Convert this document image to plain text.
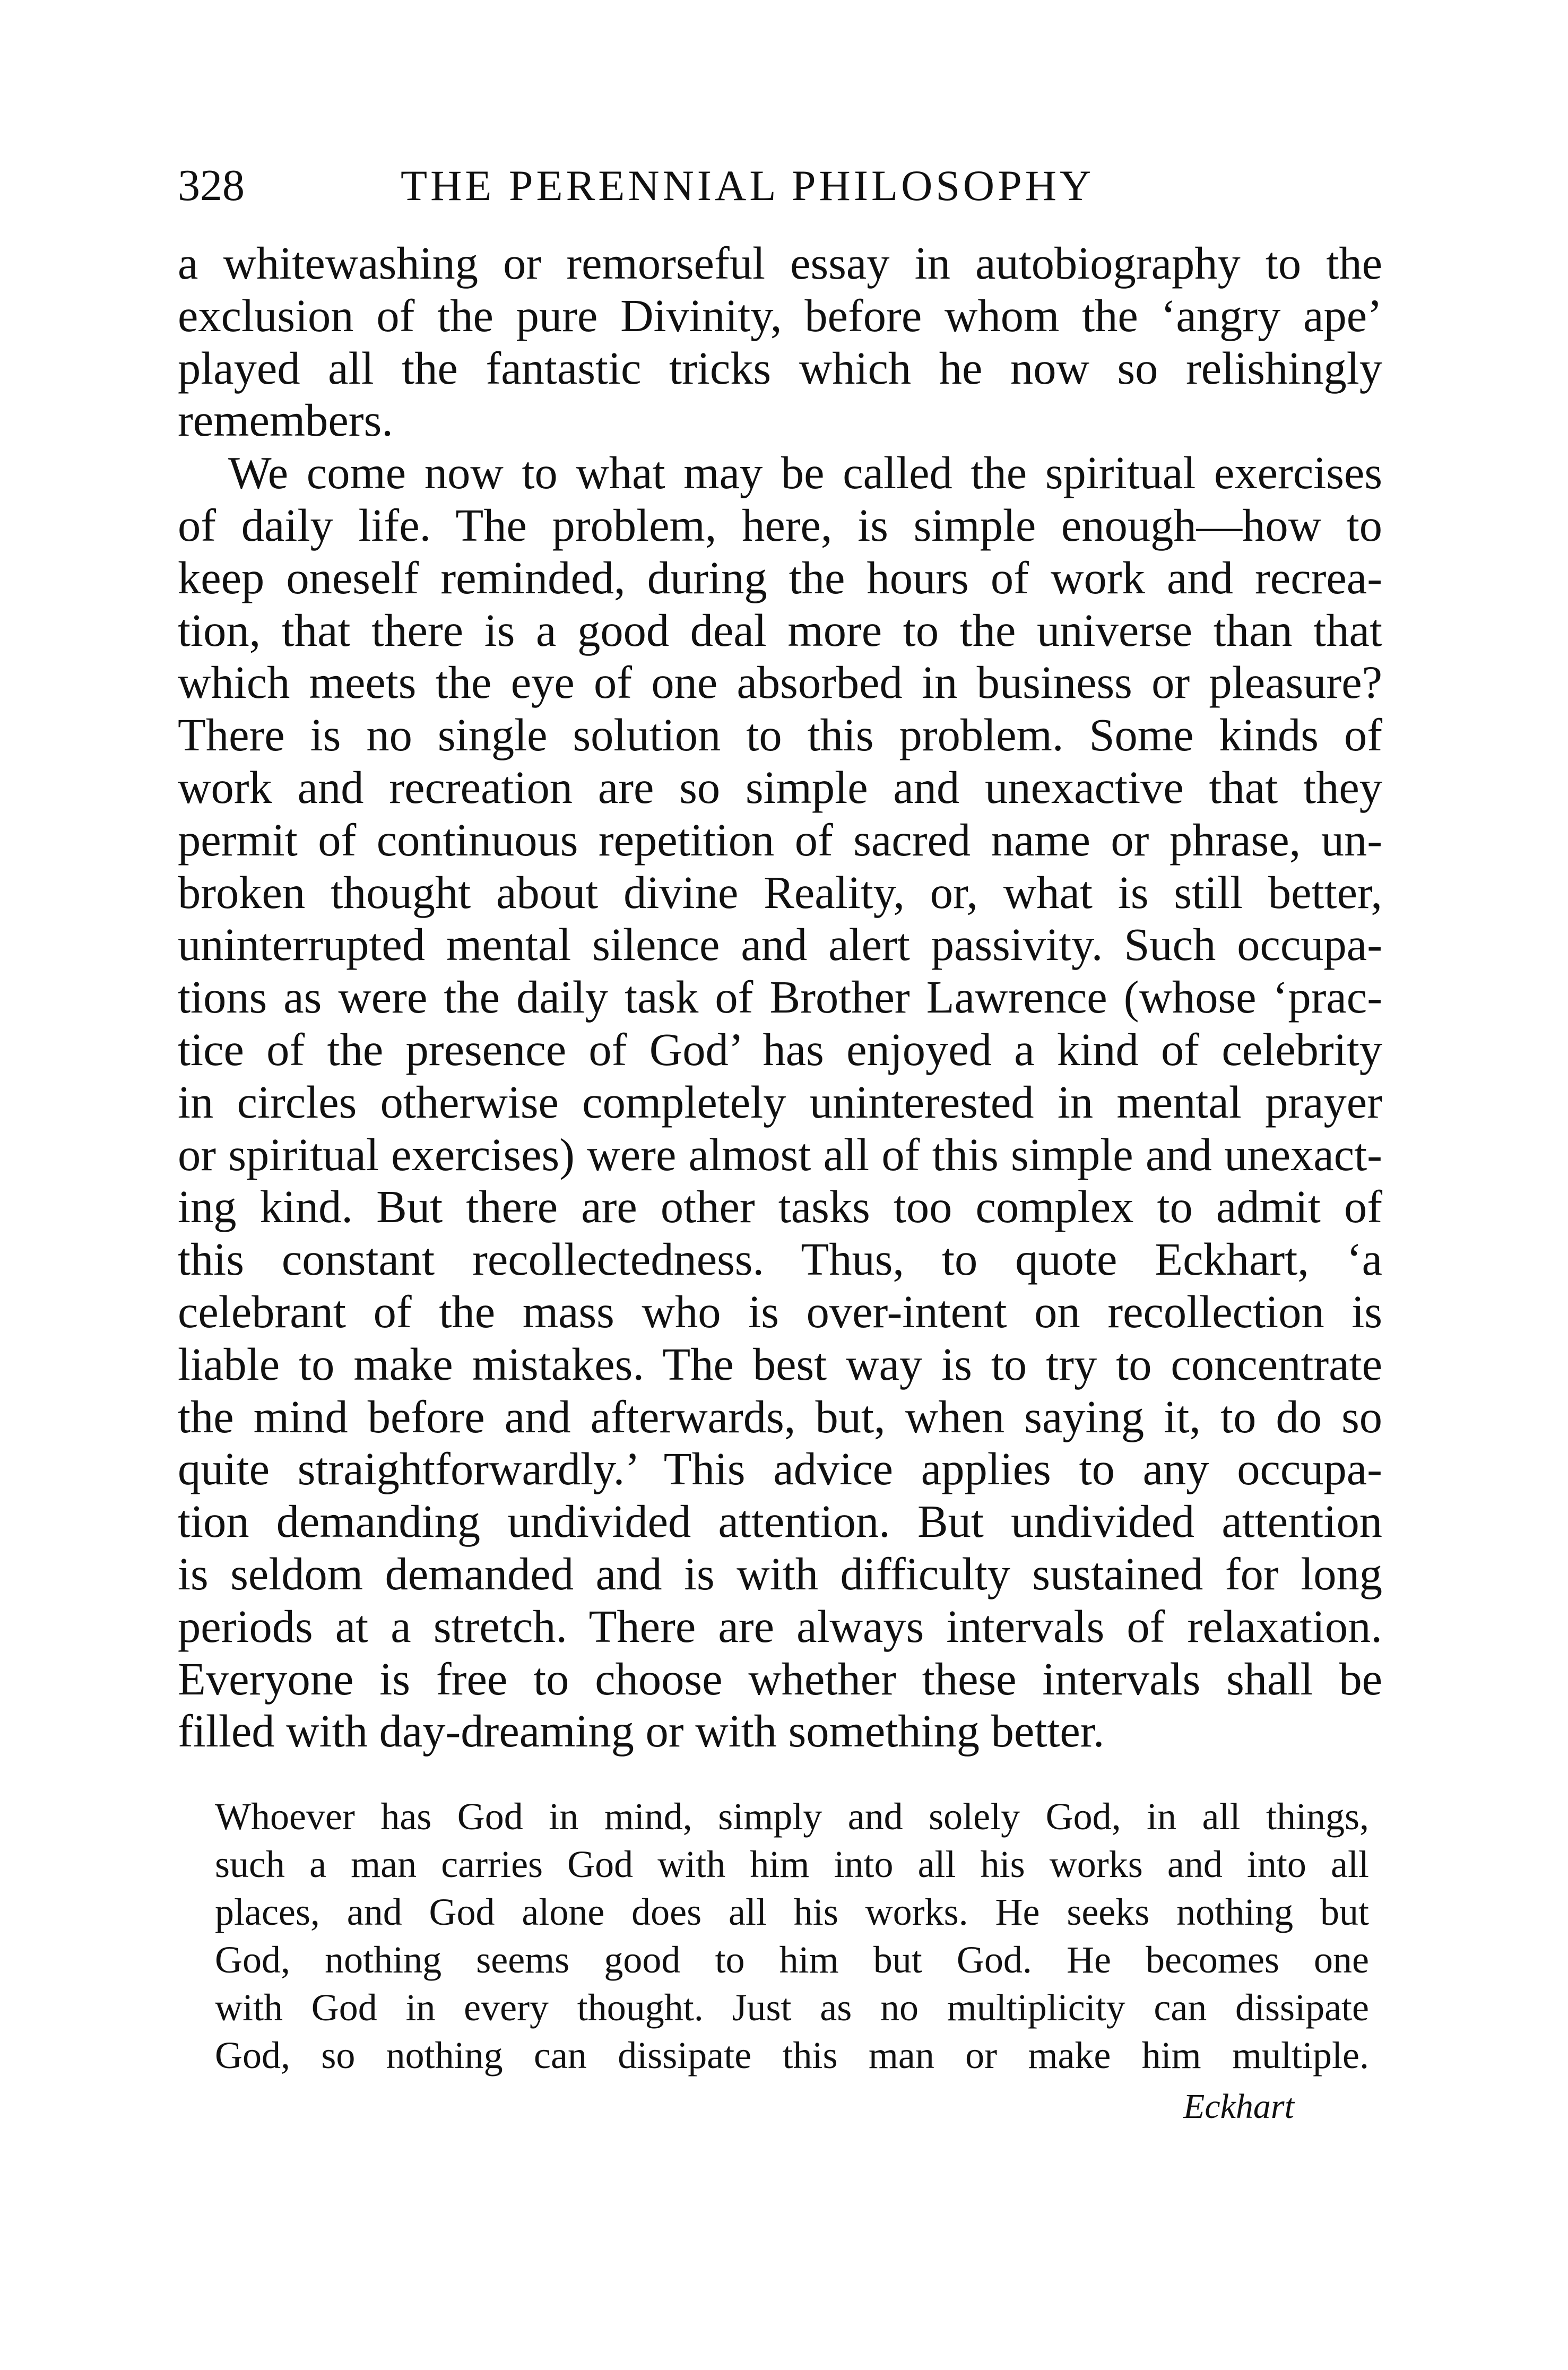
328	THE PERENNIAL PHILOSOPHY
a whitewashing or remorseful essay in autobiography to the
exclusion of the pure Divinity, before whom the ‘angry ape’
played all the fantastic tricks which he now so relishingly
remembers.
We come now to what may be called the spiritual exercises
of daily life. The problem, here, is simple enough—how to
keep oneself reminded, during the hours of work and recrea-
tion, that there is a good deal more to the universe than that
which meets the eye of one absorbed in business or pleasure?
There is no single solution to this problem. Some kinds of
work and recreation are so simple and unexactive that they
permit of continuous repetition of sacred name or phrase, un-
broken thought about divine Reality, or, what is still better,
uninterrupted mental silence and alert passivity. Such occupa-
tions as were the daily task of Brother Lawrence (whose ‘prac-
tice of the presence of God’ has enjoyed a kind of celebrity
in circles otherwise completely uninterested in mental prayer
or spiritual exercises) were almost all of this simple and unexact-
ing kind. But there are other tasks too complex to admit of
this constant recollectedness. Thus, to quote Eckhart, ‘a
celebrant of the mass who is over-intent on recollection is
liable to make mistakes. The best way is to try to concentrate
the mind before and afterwards, but, when saying it, to do so
quite straightforwardly.’ This advice applies to any occupa-
tion demanding undivided attention. But undivided attention
is seldom demanded and is with difficulty sustained for long
periods at a stretch. There are always intervals of relaxation.
Everyone is free to choose whether these intervals shall be
filled with day-dreaming or with something better.
Whoever has God in mind, simply and solely God, in all things,
such a man carries God with him into all his works and into all
places, and God alone does all his works. He seeks nothing but
God, nothing seems good to him but God. He becomes one
with God in every thought. Just as no multiplicity can dissipate
God, so nothing can dissipate this man or make him multiple.
Eckhart
